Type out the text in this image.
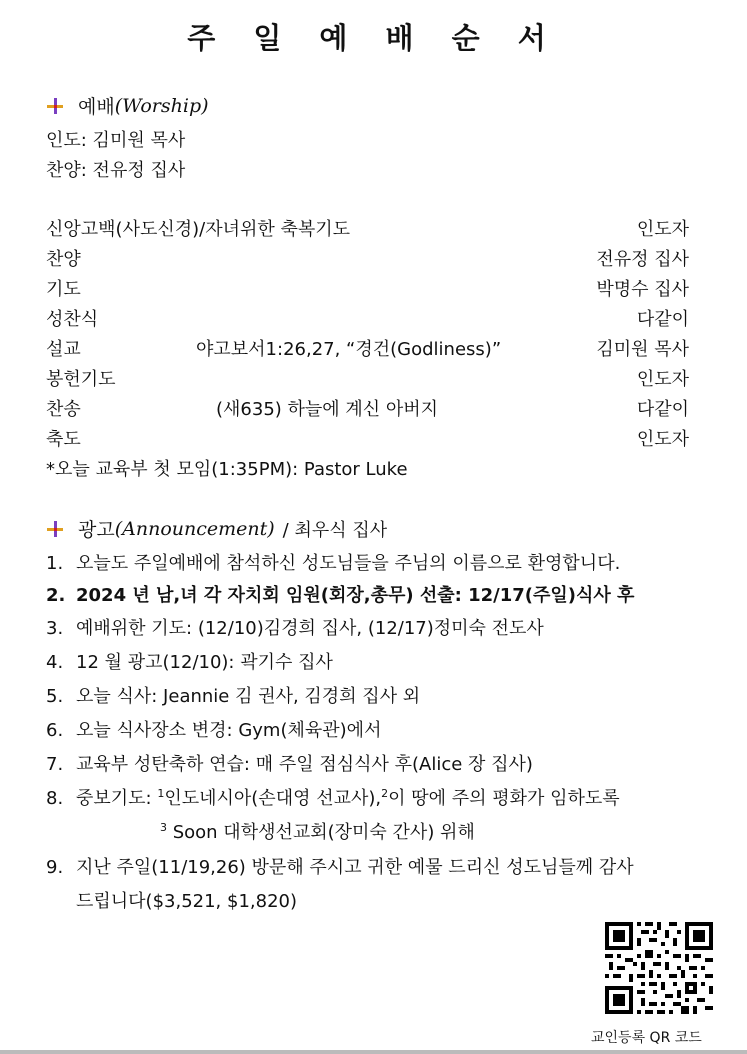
주 일 예 배 순 서
예배 (Worship)
인도: 김미원 목사
찬양: 전유정 집사
신앙고백(사도신경)/자녀위한 축복기도	인도자
찬양	전유정 집사
기도	박명수 집사
성찬식	다같이
설교	야고보서1:26,27, “경건(Godliness)”	김미원 목사
봉헌기도	인도자
찬송	(새635) 하늘에 계신 아버지	다같이
축도	인도자
*오늘 교육부 첫 모임(1:35PM): Pastor Luke
광고 (Announcement) / 최우식 집사
1. 오늘도 주일예배에 참석하신 성도님들을 주님의 이름으로 환영합니다.
2. 2024 년 남,녀 각 자치회 임원(회장,총무) 선출: 12/17(주일)식사 후
3. 예배위한 기도: (12/10)김경희 집사, (12/17)정미숙 전도사
4. 12 월 광고(12/10): 곽기수 집사
5. 오늘 식사: Jeannie 김 권사, 김경희 집사 외
6. 오늘 식사장소 변경: Gym(체육관)에서
7. 교육부 성탄축하 연습: 매 주일 점심식사 후(Alice 장 집사)
8. 중보기도: $^1$인도네시아(손대영 선교사),$^2$이 땅에 주의 평화가 임하도록
$^3$ Soon 대학생선교회(장미숙 간사) 위해
9. 지난 주일(11/19,26) 방문해 주시고 귀한 예물 드리신 성도님들께 감사
드립니다($3,521, $1,820)
교인등록 QR 코드
